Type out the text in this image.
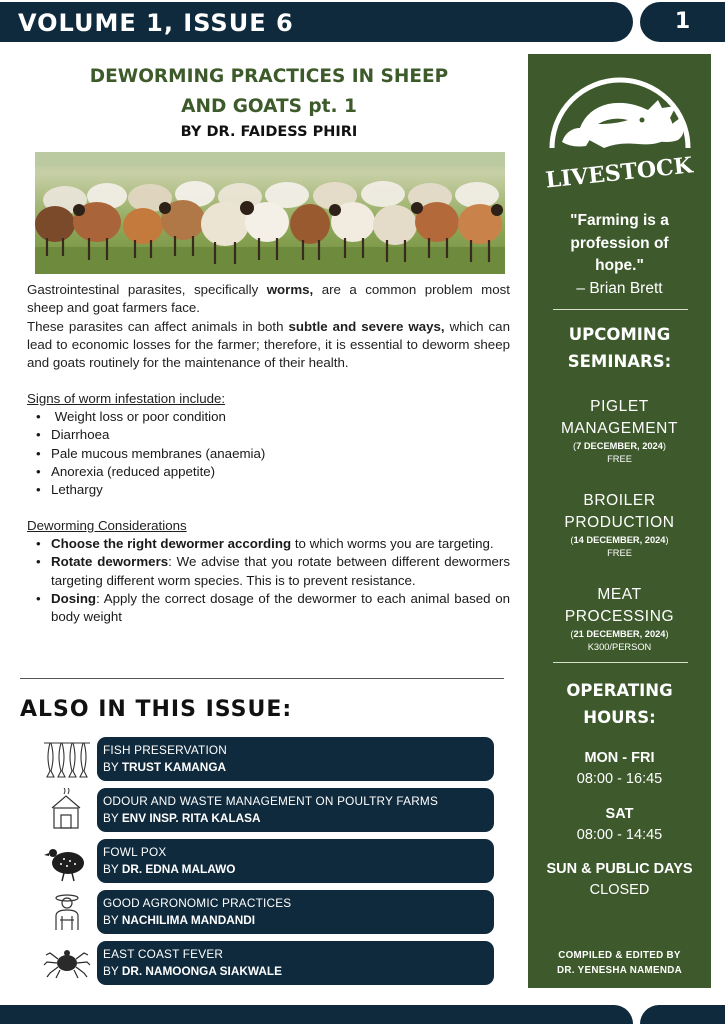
VOLUME 1, ISSUE 6	1
DEWORMING PRACTICES IN SHEEP
AND GOATS pt. 1
BY DR. FAIDESS PHIRI
Gastrointestinal parasites, specifically worms, are a common problem most sheep and goat farmers face.
These parasites can affect animals in both subtle and severe ways, which can lead to economic losses for the farmer; therefore, it is essential to deworm sheep and goats routinely for the maintenance of their health.
Signs of worm infestation include:
•  Weight loss or poor condition
• Diarrhoea
• Pale mucous membranes (anaemia)
• Anorexia (reduced appetite)
• Lethargy
Deworming Considerations
• Choose the right dewormer according to which worms you are targeting.
• Rotate dewormers: We advise that you rotate between different dewormers targeting different worm species. This is to prevent resistance.
• Dosing: Apply the correct dosage of the dewormer to each animal based on body weight
ALSO IN THIS ISSUE:
FISH PRESERVATION
BY TRUST KAMANGA
ODOUR AND WASTE MANAGEMENT ON POULTRY FARMS
BY ENV INSP. RITA KALASA
FOWL POX
BY DR. EDNA MALAWO
GOOD AGRONOMIC PRACTICES
BY NACHILIMA MANDANDI
EAST COAST FEVER
BY DR. NAMOONGA SIAKWALE
LIVESTOCK
"Farming is a
profession of
hope."
– Brian Brett
UPCOMING
SEMINARS:
PIGLET
MANAGEMENT
(7 DECEMBER, 2024)
FREE
BROILER
PRODUCTION
(14 DECEMBER, 2024)
FREE
MEAT
PROCESSING
(21 DECEMBER, 2024)
K300/PERSON
OPERATING
HOURS:
MON - FRI
08:00 - 16:45
SAT
08:00 - 14:45
SUN & PUBLIC DAYS
CLOSED
COMPILED & EDITED BY
DR. YENESHA NAMENDA
